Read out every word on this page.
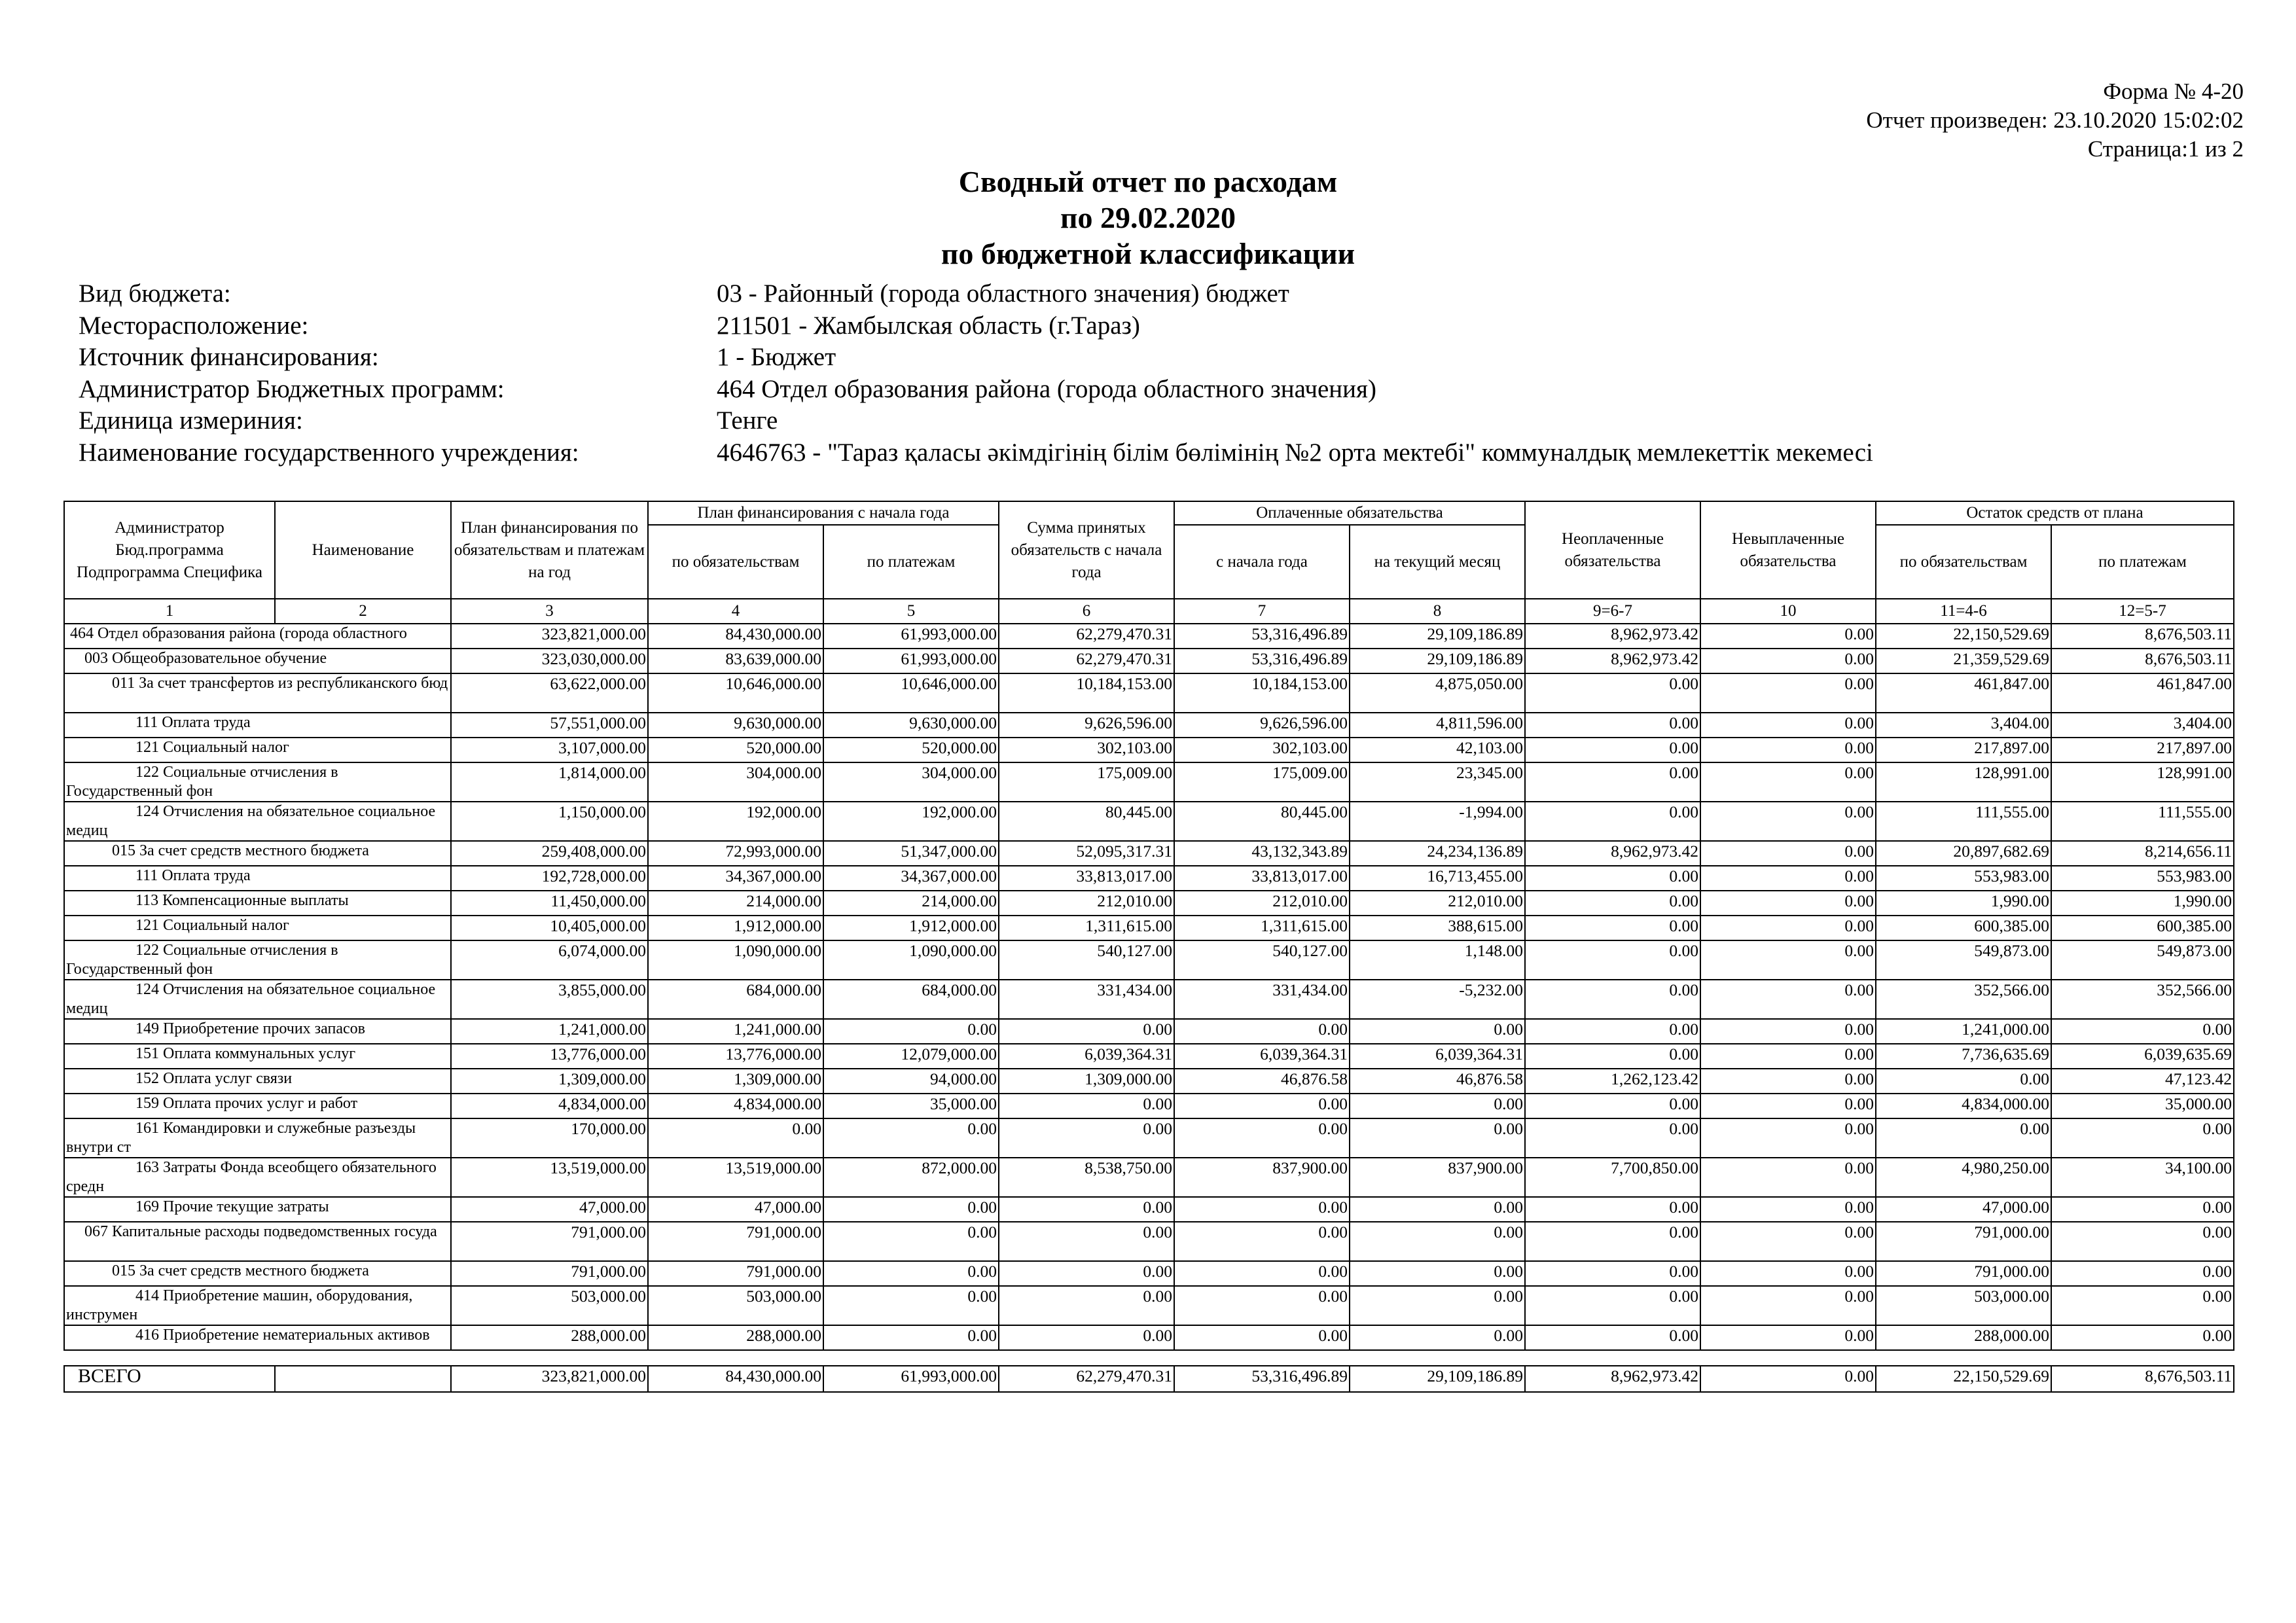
Форма № 4-20
Отчет произведен: 23.10.2020 15:02:02
Страница:1 из 2
Сводный отчет по расходам
по 29.02.2020
по бюджетной классификации
Вид бюджета:	03 - Районный (города областного значения) бюджет
Месторасположение:	211501 - Жамбылская область (г.Тараз)
Источник финансирования:	1 - Бюджет
Администратор Бюджетных программ:	464 Отдел образования района (города областного значения)
Единица измериния:	Тенге
Наименование государственного учреждения:	4646763 - "Тараз қаласы әкімдігінің білім бөлімінің №2 орта мектебі" коммуналдық мемлекеттік мекемесі
Администратор Бюд.программа Подпрограмма Специфика	Наименование	План финансирования по обязательствам и платежам на год	План финансирования с начала года		Сумма принятых обязательств с начала года	Оплаченные обязательства		Неоплаченные обязательства	Невыплаченные обязательства	Остаток средств от плана	
			по обязательствам	по платежам		с начала года	на текущий месяц			по обязательствам	по платежам
1	2	3	4	5	6	7	8	9=6-7	10	11=4-6	12=5-7

464 Отдел образования района (города областного		323,821,000.00	84,430,000.00	61,993,000.00	62,279,470.31	53,316,496.89	29,109,186.89	8,962,973.42	0.00	22,150,529.69	8,676,503.11

003 Общеобразовательное обучение		323,030,000.00	83,639,000.00	61,993,000.00	62,279,470.31	53,316,496.89	29,109,186.89	8,962,973.42	0.00	21,359,529.69	8,676,503.11

011 За счет трансфертов из республиканского бюд		63,622,000.00	10,646,000.00	10,646,000.00	10,184,153.00	10,184,153.00	4,875,050.00	0.00	0.00	461,847.00	461,847.00

111 Оплата труда		57,551,000.00	9,630,000.00	9,630,000.00	9,626,596.00	9,626,596.00	4,811,596.00	0.00	0.00	3,404.00	3,404.00

121 Социальный налог		3,107,000.00	520,000.00	520,000.00	302,103.00	302,103.00	42,103.00	0.00	0.00	217,897.00	217,897.00

122 Социальные отчисления в Государственный фон		1,814,000.00	304,000.00	304,000.00	175,009.00	175,009.00	23,345.00	0.00	0.00	128,991.00	128,991.00

124 Отчисления на обязательное социальное медиц		1,150,000.00	192,000.00	192,000.00	80,445.00	80,445.00	-1,994.00	0.00	0.00	111,555.00	111,555.00

015 За счет средств местного бюджета		259,408,000.00	72,993,000.00	51,347,000.00	52,095,317.31	43,132,343.89	24,234,136.89	8,962,973.42	0.00	20,897,682.69	8,214,656.11

111 Оплата труда		192,728,000.00	34,367,000.00	34,367,000.00	33,813,017.00	33,813,017.00	16,713,455.00	0.00	0.00	553,983.00	553,983.00

113 Компенсационные выплаты		11,450,000.00	214,000.00	214,000.00	212,010.00	212,010.00	212,010.00	0.00	0.00	1,990.00	1,990.00

121 Социальный налог		10,405,000.00	1,912,000.00	1,912,000.00	1,311,615.00	1,311,615.00	388,615.00	0.00	0.00	600,385.00	600,385.00

122 Социальные отчисления в Государственный фон		6,074,000.00	1,090,000.00	1,090,000.00	540,127.00	540,127.00	1,148.00	0.00	0.00	549,873.00	549,873.00

124 Отчисления на обязательное социальное медиц		3,855,000.00	684,000.00	684,000.00	331,434.00	331,434.00	-5,232.00	0.00	0.00	352,566.00	352,566.00

149 Приобретение прочих запасов		1,241,000.00	1,241,000.00	0.00	0.00	0.00	0.00	0.00	0.00	1,241,000.00	0.00

151 Оплата коммунальных услуг		13,776,000.00	13,776,000.00	12,079,000.00	6,039,364.31	6,039,364.31	6,039,364.31	0.00	0.00	7,736,635.69	6,039,635.69

152 Оплата услуг связи		1,309,000.00	1,309,000.00	94,000.00	1,309,000.00	46,876.58	46,876.58	1,262,123.42	0.00	0.00	47,123.42

159 Оплата прочих услуг и работ		4,834,000.00	4,834,000.00	35,000.00	0.00	0.00	0.00	0.00	0.00	4,834,000.00	35,000.00

161 Командировки и служебные разъезды внутри ст		170,000.00	0.00	0.00	0.00	0.00	0.00	0.00	0.00	0.00	0.00

163 Затраты Фонда всеобщего обязательного средн		13,519,000.00	13,519,000.00	872,000.00	8,538,750.00	837,900.00	837,900.00	7,700,850.00	0.00	4,980,250.00	34,100.00

169 Прочие текущие затраты		47,000.00	47,000.00	0.00	0.00	0.00	0.00	0.00	0.00	47,000.00	0.00

067 Капитальные расходы подведомственных госуда		791,000.00	791,000.00	0.00	0.00	0.00	0.00	0.00	0.00	791,000.00	0.00

015 За счет средств местного бюджета		791,000.00	791,000.00	0.00	0.00	0.00	0.00	0.00	0.00	791,000.00	0.00

414 Приобретение машин, оборудования, инструмен		503,000.00	503,000.00	0.00	0.00	0.00	0.00	0.00	0.00	503,000.00	0.00

416 Приобретение нематериальных активов		288,000.00	288,000.00	0.00	0.00	0.00	0.00	0.00	0.00	288,000.00	0.00

ВСЕГО		323,821,000.00	84,430,000.00	61,993,000.00	62,279,470.31	53,316,496.89	29,109,186.89	8,962,973.42	0.00	22,150,529.69	8,676,503.11
